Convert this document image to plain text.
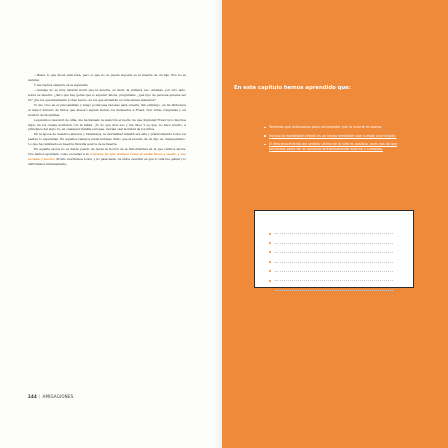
—Ratel, lo que dicen está bien, pero lo que no se puede superar es la muerte de un hijo. Eso no es natural.

Y me replica siempre en la siguiente:

—Aunque no es muy natural morir que la muerte, es decir, la primera vez. Además, por otro lado, sobre su muerte: ¿duro que hay gente que lo supera? Ahora, pregúntate: ¿qué tipo de persona quieres ser tú? ¿De los que finalmente lo han hecho, de los que arrastran su vida entera lamentos?

Yo me creo en el psicoanálisis y tengo poderosas razones para creerla. Sin embargo, en mi biblioteca el mayor número de libros que atesoro siguen siendo los dedicados a Freud. Son obras completas y un montón de biografías.

Leyendolos descubrí de niña, me ha llamado la atención el hecho de que Sigmund Freud tuvo muchos hijos, de los cuales murieron con la mitad. ¡Yo no que dice eso y me dice! Y es que, no hace mucho, a principios del siglo xx, en cualquier familia europea, morían casi la mitad de los niños.

En la época de nuestros abuelos y bisabuelos, la mortalidad infantil era alta y prácticamente todos los padres lo esperaban. En aquellos tiempos nadie hubiese dicho que la muerte de un hijo es «insuperable». Lo que ha cambiado es nuestra filosofía acerca de la muerte.

En aquella época no se había puesto de moda la ficción de la inmortalidad en la que vivimos ahora. Nos hemos apuntado como sociedad a la creencia de que vivimos como si nadie fuese a morir, y eso es falso y nocivo. Pronto moriremos todos, y no pasa nada. La única cuestión es que lo vida fue genial y lo disfrutemos intensamente.

244 | AMIGAGIONES
En este capítulo hemos aprendido que:
Tenemos que esforzarnos para comprender que la muerte es buena.
Incluso la mortalidad infantil es un hecho inevitable que cumple una función.
El desconocimiento del sentido último de la vida es positivo, pues nos da que formamos parte de un universo fantásticamente enorme y complejo.
